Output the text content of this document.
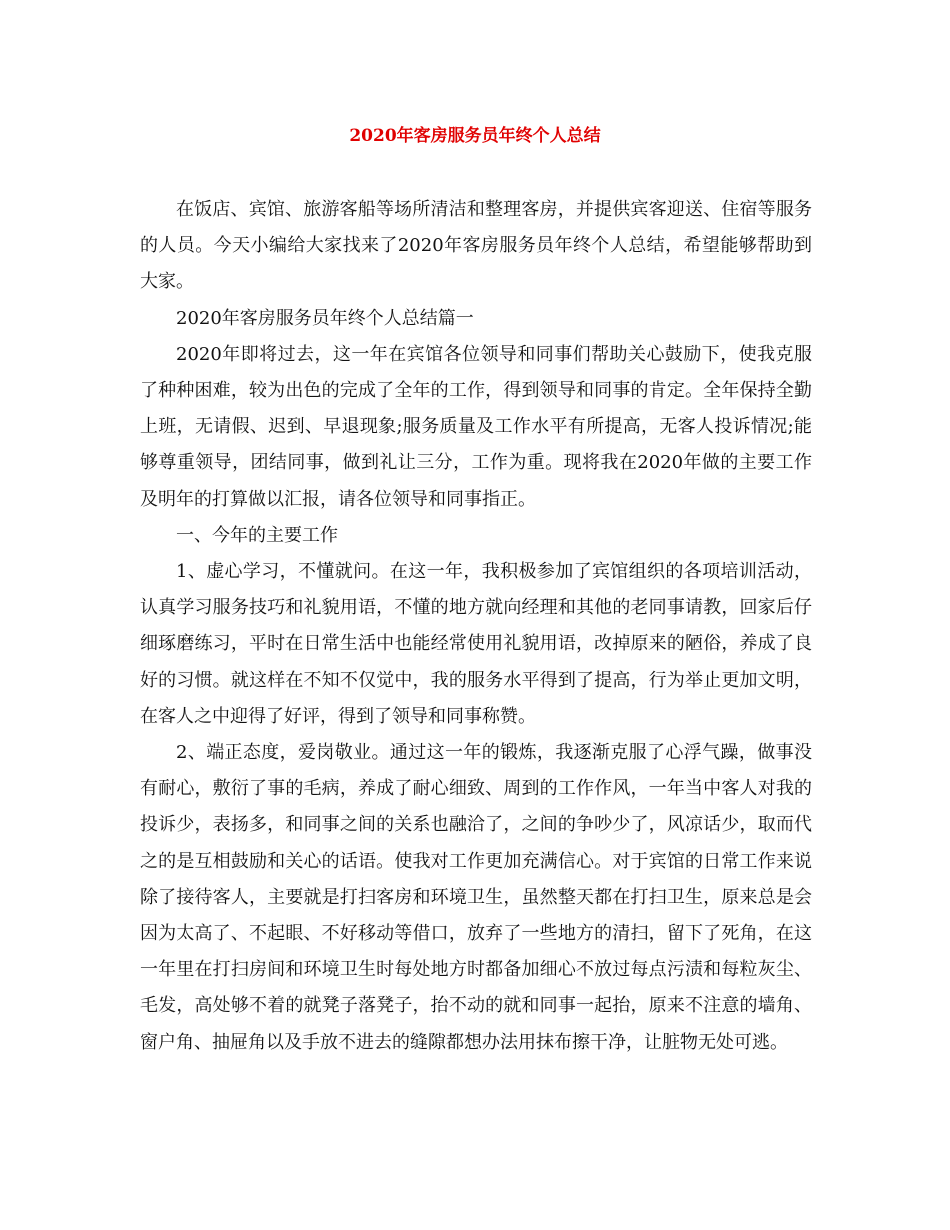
2020年客房服务员年终个人总结

在饭店、宾馆、旅游客船等场所清洁和整理客房，并提供宾客迎送、住宿等服务的人员。今天小编给大家找来了2020年客房服务员年终个人总结，希望能够帮助到大家。

2020年客房服务员年终个人总结篇一

2020年即将过去，这一年在宾馆各位领导和同事们帮助关心鼓励下，使我克服了种种困难，较为出色的完成了全年的工作，得到领导和同事的肯定。全年保持全勤上班，无请假、迟到、早退现象;服务质量及工作水平有所提高，无客人投诉情况;能够尊重领导，团结同事，做到礼让三分，工作为重。现将我在2020年做的主要工作及明年的打算做以汇报，请各位领导和同事指正。

一、今年的主要工作

1、虚心学习，不懂就问。在这一年，我积极参加了宾馆组织的各项培训活动，认真学习服务技巧和礼貌用语，不懂的地方就向经理和其他的老同事请教，回家后仔细琢磨练习，平时在日常生活中也能经常使用礼貌用语，改掉原来的陋俗，养成了良好的习惯。就这样在不知不仅觉中，我的服务水平得到了提高，行为举止更加文明，在客人之中迎得了好评，得到了领导和同事称赞。

2、端正态度，爱岗敬业。通过这一年的锻炼，我逐渐克服了心浮气躁，做事没有耐心，敷衍了事的毛病，养成了耐心细致、周到的工作作风，一年当中客人对我的投诉少，表扬多，和同事之间的关系也融洽了，之间的争吵少了，风凉话少，取而代之的是互相鼓励和关心的话语。使我对工作更加充满信心。对于宾馆的日常工作来说除了接待客人，主要就是打扫客房和环境卫生，虽然整天都在打扫卫生，原来总是会因为太高了、不起眼、不好移动等借口，放弃了一些地方的清扫，留下了死角，在这一年里在打扫房间和环境卫生时每处地方时都备加细心不放过每点污渍和每粒灰尘、毛发，高处够不着的就凳子落凳子，抬不动的就和同事一起抬，原来不注意的墙角、窗户角、抽屉角以及手放不进去的缝隙都想办法用抹布擦干净，让脏物无处可逃。
